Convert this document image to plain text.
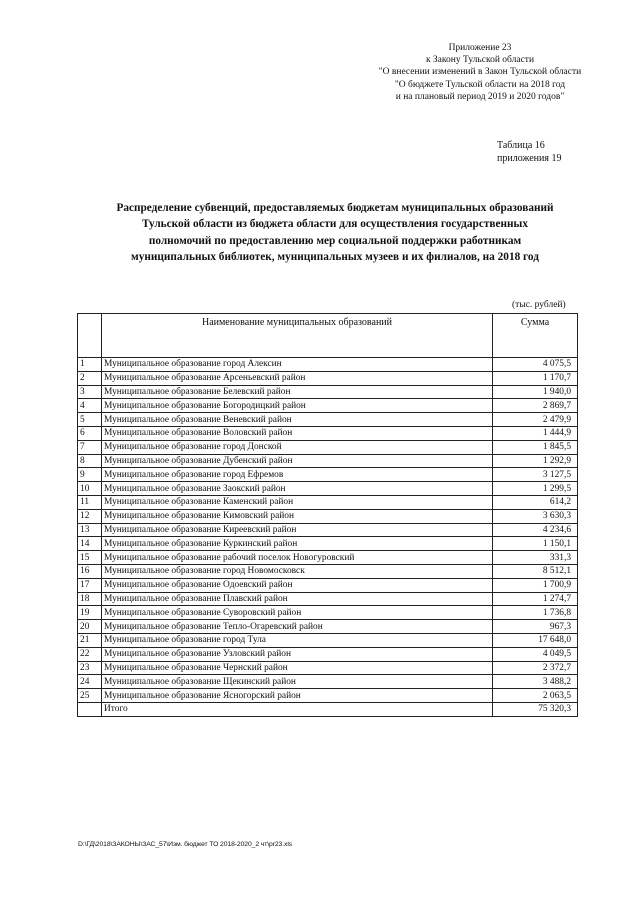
Приложение 23
к Закону Тульской области
"О внесении изменений в Закон Тульской области
"О бюджете Тульской области на 2018 год
и на плановый период 2019 и 2020 годов"
Таблица 16
приложения 19
Распределение субвенций, предоставляемых бюджетам муниципальных образований
Тульской области из бюджета области для осуществления государственных
полномочий по предоставлению мер социальной поддержки работникам
муниципальных библиотек, муниципальных музеев и их филиалов, на 2018 год
(тыс. рублей)
	Наименование муниципальных образований	Сумма
1	Муниципальное образование город Алексин	4 075,5
2	Муниципальное образование Арсеньевский район	1 170,7
3	Муниципальное образование Белевский район	1 940,0
4	Муниципальное образование Богородицкий район	2 869,7
5	Муниципальное образование Веневский район	2 479,9
6	Муниципальное образование Воловский район	1 444,9
7	Муниципальное образование город Донской	1 845,5
8	Муниципальное образование Дубенский район	1 292,9
9	Муниципальное образование город Ефремов	3 127,5
10	Муниципальное образование Заокский район	1 299,5
11	Муниципальное образование Каменский район	614,2
12	Муниципальное образование Кимовский район	3 630,3
13	Муниципальное образование Киреевский район	4 234,6
14	Муниципальное образование Куркинский район	1 150,1
15	Муниципальное образование рабочий поселок Новогуровский	331,3
16	Муниципальное образование город Новомосковск	8 512,1
17	Муниципальное образование Одоевский район	1 700,9
18	Муниципальное образование Плавский район	1 274,7
19	Муниципальное образование Суворовский район	1 736,8
20	Муниципальное образование Тепло-Огаревский район	967,3
21	Муниципальное образование город Тула	17 648,0
22	Муниципальное образование Узловский район	4 049,5
23	Муниципальное образование Чернский район	2 372,7
24	Муниципальное образование Щекинский район	3 488,2
25	Муниципальное образование Ясногорский район	2 063,5
	Итого	75 320,3
D:\ГД\2018\ЗАКОНЫ\ЗАС_57\Изм. бюджет ТО 2018-2020_2 чт\pr23.xls
